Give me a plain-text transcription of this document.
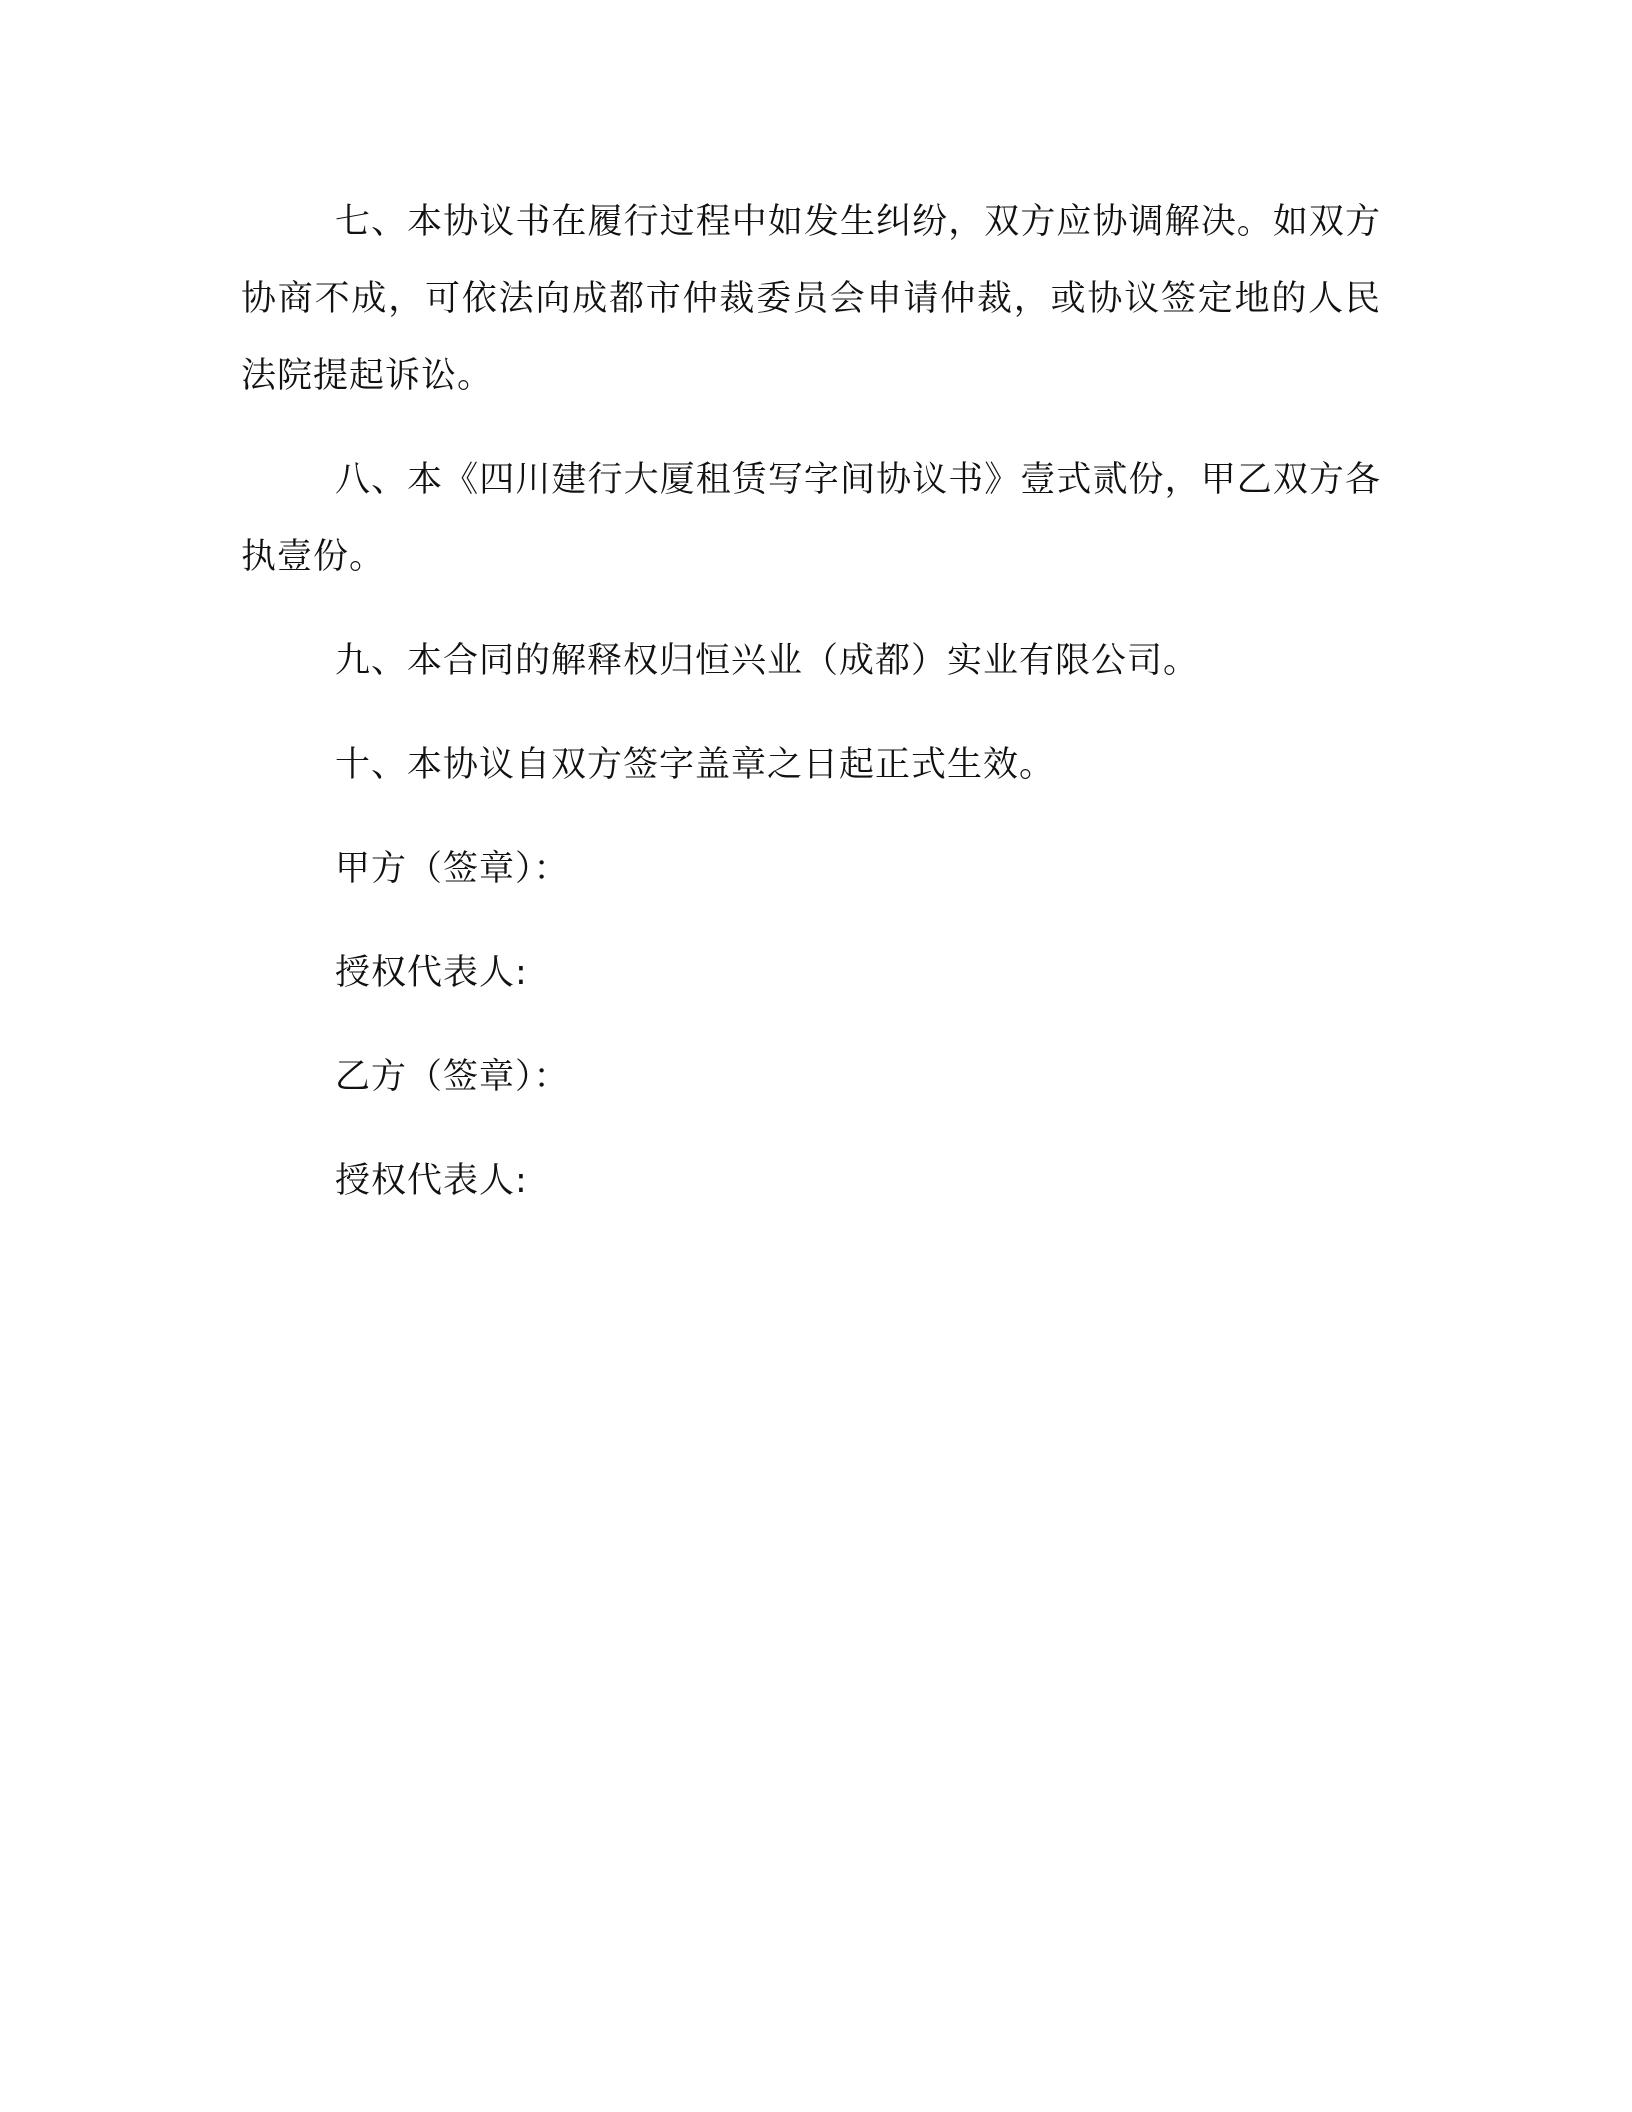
七、本协议书在履行过程中如发生纠纷，双方应协调解决。如双方协商不成，可依法向成都市仲裁委员会申请仲裁，或协议签定地的人民法院提起诉讼。

八、本《四川建行大厦租赁写字间协议书》壹式贰份，甲乙双方各执壹份。

九、本合同的解释权归恒兴业（成都）实业有限公司。

十、本协议自双方签字盖章之日起正式生效。

甲方（签章）：

授权代表人:

乙方（签章）：

授权代表人:
